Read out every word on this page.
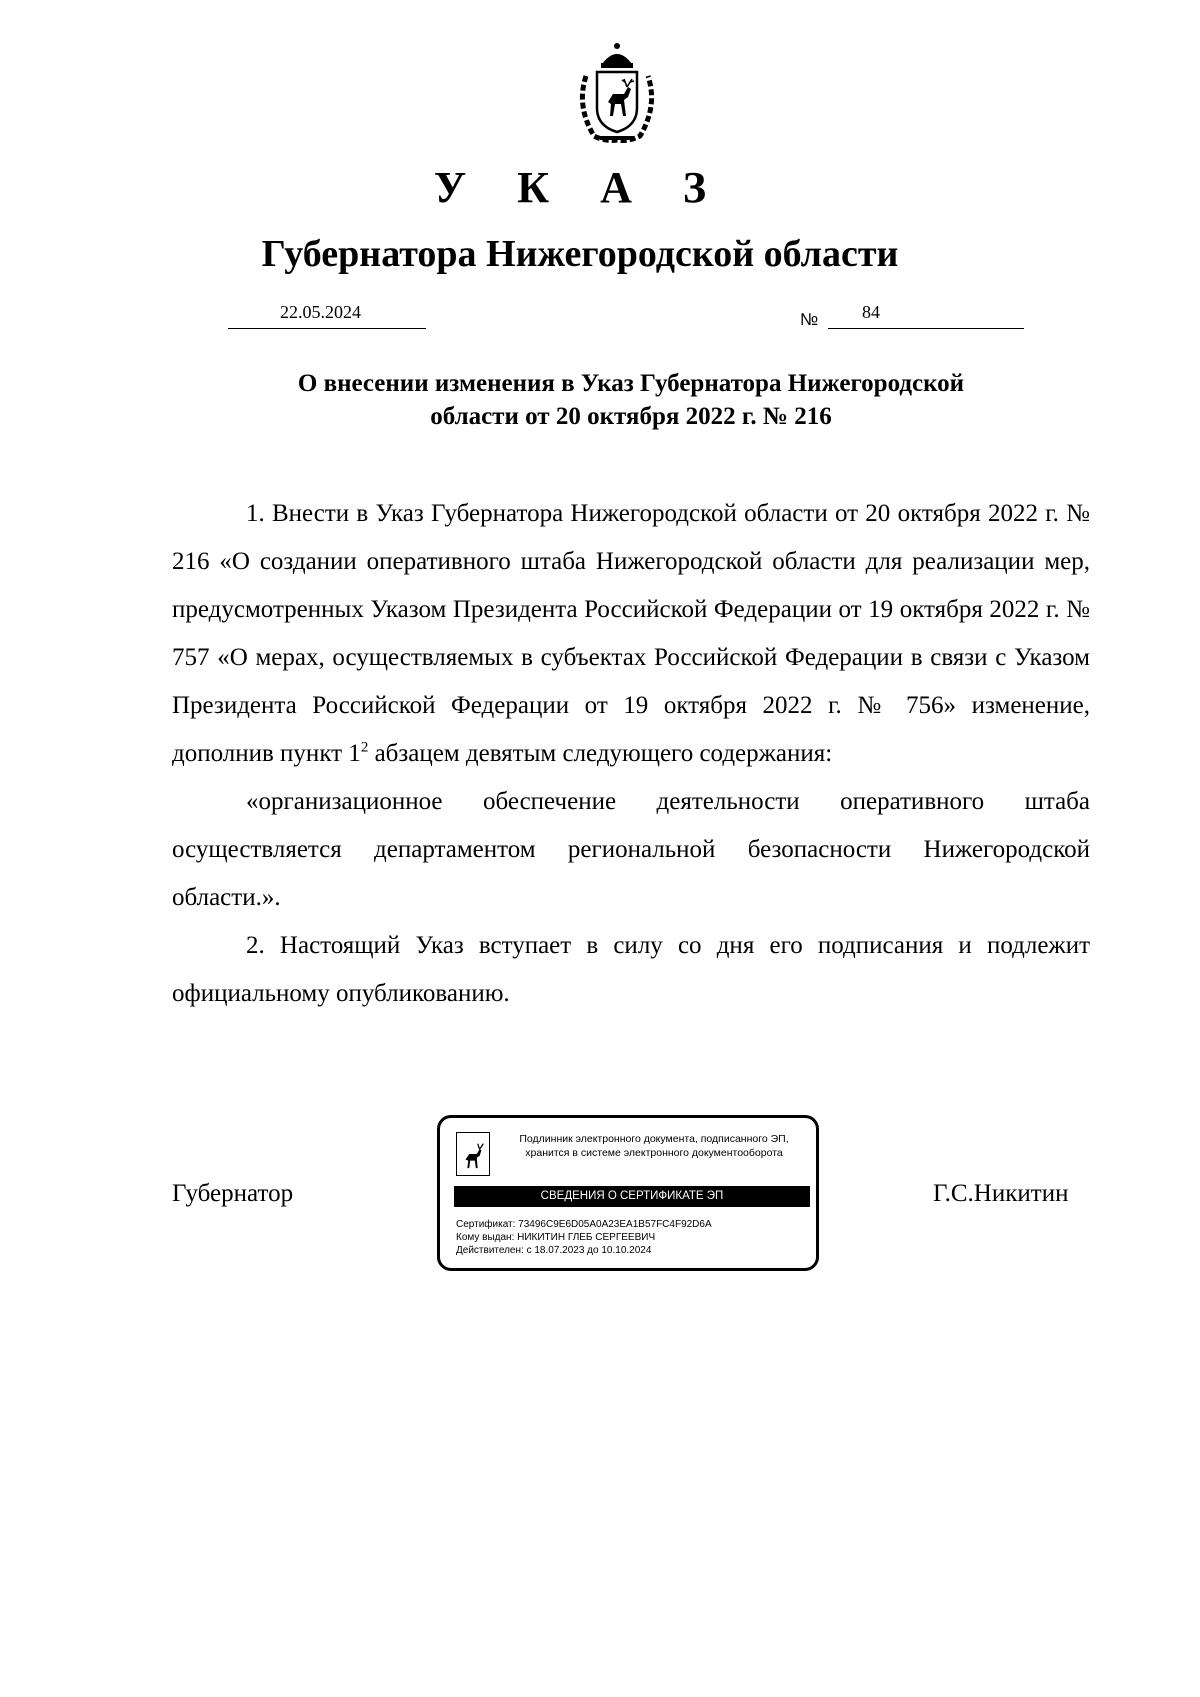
У К А З
Губернатора Нижегородской области
22.05.2024	№ 84
О внесении изменения в Указ Губернатора Нижегородской
области от 20 октября 2022 г. № 216

1. Внести в Указ Губернатора Нижегородской области от 20 октября 2022 г. № 216 «О создании оперативного штаба Нижегородской области для реализации мер, предусмотренных Указом Президента Российской Федерации от 19 октября 2022 г. № 757 «О мерах, осуществляемых в субъектах Российской Федерации в связи с Указом Президента Российской Федерации от 19 октября 2022 г. № 756» изменение, дополнив пункт $1^2$ абзацем девятым следующего содержания:

«организационное обеспечение деятельности оперативного штаба осуществляется департаментом региональной безопасности Нижегородской области.».

2. Настоящий Указ вступает в силу со дня его подписания и подлежит официальному опубликованию.

Губернатор
Подлинник электронного документа, подписанного ЭП, хранится в системе электронного документооборота
СВЕДЕНИЯ О СЕРТИФИКАТЕ ЭП
Сертификат: 73496C9E6D05A0A23EA1B57FC4F92D6A
Кому выдан: НИКИТИН ГЛЕБ СЕРГЕЕВИЧ
Действителен: с 18.07.2023 до 10.10.2024
Г.С.Никитин
